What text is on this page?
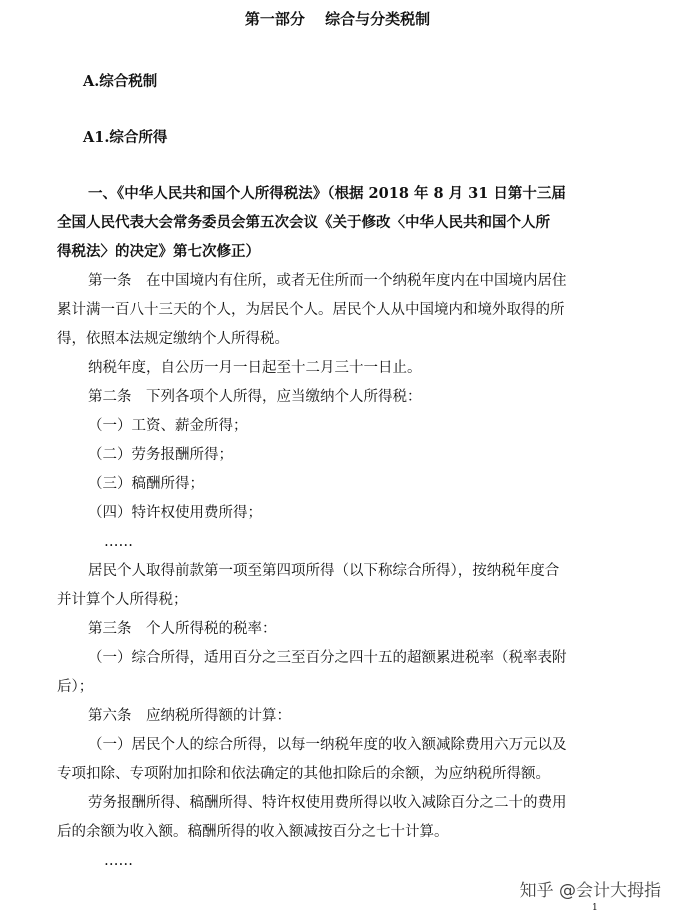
第一部分　 综合与分类税制
A.综合税制
A1.综合所得
一、《中华人民共和国个人所得税法》（根据 2018 年 8 月 31 日第十三届
全国人民代表大会常务委员会第五次会议《关于修改〈中华人民共和国个人所
得税法〉的决定》第七次修正）
第一条　在中国境内有住所，或者无住所而一个纳税年度内在中国境内居住
累计满一百八十三天的个人，为居民个人。居民个人从中国境内和境外取得的所
得，依照本法规定缴纳个人所得税。
纳税年度，自公历一月一日起至十二月三十一日止。
第二条　下列各项个人所得，应当缴纳个人所得税：
（一）工资、薪金所得；
（二）劳务报酬所得；
（三）稿酬所得；
（四）特许权使用费所得；
……
居民个人取得前款第一项至第四项所得（以下称综合所得），按纳税年度合
并计算个人所得税；
第三条　个人所得税的税率：
（一）综合所得，适用百分之三至百分之四十五的超额累进税率（税率表附
后）；
第六条　应纳税所得额的计算：
（一）居民个人的综合所得，以每一纳税年度的收入额减除费用六万元以及
专项扣除、专项附加扣除和依法确定的其他扣除后的余额，为应纳税所得额。
劳务报酬所得、稿酬所得、特许权使用费所得以收入减除百分之二十的费用
后的余额为收入额。稿酬所得的收入额减按百分之七十计算。
……
知乎 @会计大拇指
1
